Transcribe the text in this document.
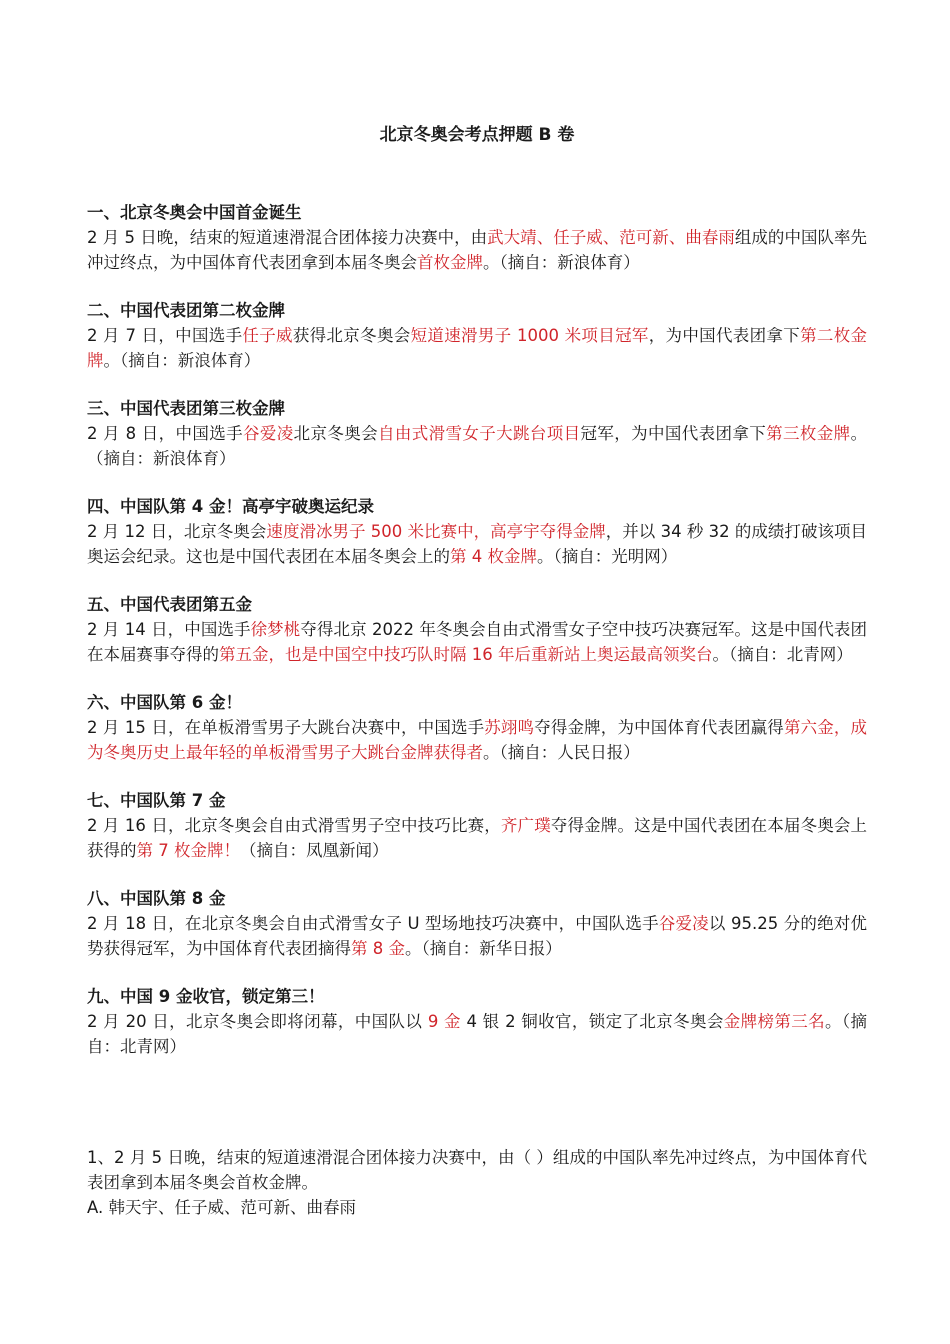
北京冬奥会考点押题 B 卷
一、北京冬奥会中国首金诞生

2 月 5 日晚，结束的短道速滑混合团体接力决赛中，由武大靖、任子威、范可新、曲春雨组成的中国队率先冲过终点，为中国体育代表团拿到本届冬奥会首枚金牌。（摘自：新浪体育）

二、中国代表团第二枚金牌

2 月 7 日，中国选手任子威获得北京冬奥会短道速滑男子 1000 米项目冠军，为中国代表团拿下第二枚金牌。（摘自：新浪体育）

三、中国代表团第三枚金牌

2 月 8 日，中国选手谷爱凌北京冬奥会自由式滑雪女子大跳台项目冠军，为中国代表团拿下第三枚金牌。（摘自：新浪体育）

四、中国队第 4 金！高亭宇破奥运纪录

2 月 12 日，北京冬奥会速度滑冰男子 500 米比赛中，高亭宇夺得金牌，并以 34 秒 32 的成绩打破该项目奥运会纪录。这也是中国代表团在本届冬奥会上的第 4 枚金牌。（摘自：光明网）

五、中国代表团第五金

2 月 14 日，中国选手徐梦桃夺得北京 2022 年冬奥会自由式滑雪女子空中技巧决赛冠军。这是中国代表团在本届赛事夺得的第五金，也是中国空中技巧队时隔 16 年后重新站上奥运最高领奖台。（摘自：北青网）

六、中国队第 6 金！

2 月 15 日，在单板滑雪男子大跳台决赛中，中国选手苏翊鸣夺得金牌，为中国体育代表团赢得第六金，成为冬奥历史上最年轻的单板滑雪男子大跳台金牌获得者。（摘自：人民日报）

七、中国队第 7 金

2 月 16 日，北京冬奥会自由式滑雪男子空中技巧比赛，齐广璞夺得金牌。这是中国代表团在本届冬奥会上获得的第 7 枚金牌！（摘自：凤凰新闻）

八、中国队第 8 金

2 月 18 日，在北京冬奥会自由式滑雪女子 U 型场地技巧决赛中，中国队选手谷爱凌以 95.25 分的绝对优势获得冠军，为中国体育代表团摘得第 8 金。（摘自：新华日报）

九、中国 9 金收官，锁定第三！

2 月 20 日，北京冬奥会即将闭幕，中国队以 9 金 4 银 2 铜收官，锁定了北京冬奥会金牌榜第三名。（摘自：北青网）

1、2 月 5 日晚，结束的短道速滑混合团体接力决赛中，由（ ）组成的中国队率先冲过终点，为中国体育代表团拿到本届冬奥会首枚金牌。

A. 韩天宇、任子威、范可新、曲春雨
